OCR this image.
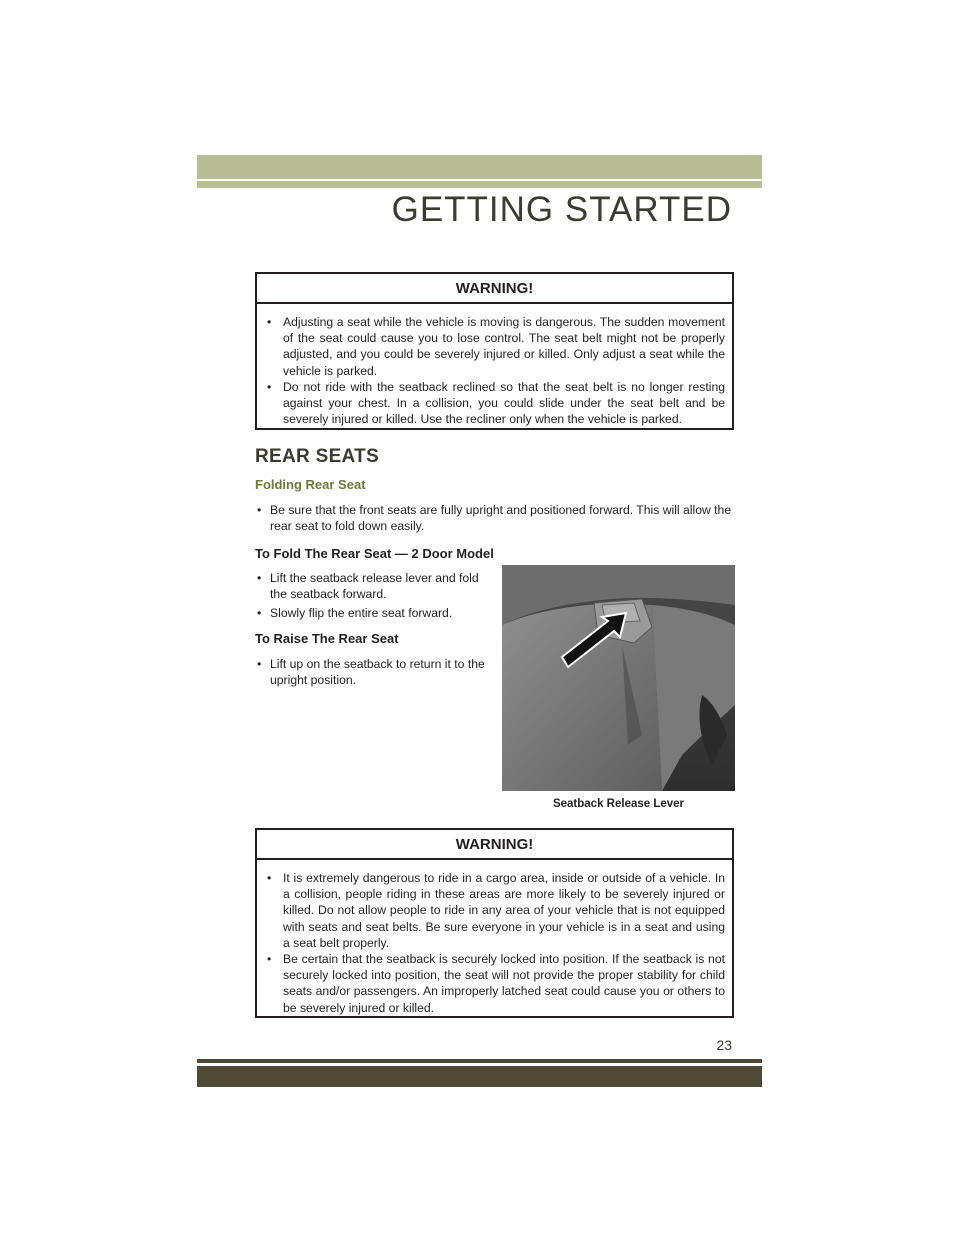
GETTING STARTED
WARNING!
• Adjusting a seat while the vehicle is moving is dangerous. The sudden movement of the seat could cause you to lose control. The seat belt might not be properly adjusted, and you could be severely injured or killed. Only adjust a seat while the vehicle is parked.
• Do not ride with the seatback reclined so that the seat belt is no longer resting against your chest. In a collision, you could slide under the seat belt and be severely injured or killed. Use the recliner only when the vehicle is parked.
REAR SEATS
Folding Rear Seat
• Be sure that the front seats are fully upright and positioned forward. This will allow the rear seat to fold down easily.
To Fold The Rear Seat — 2 Door Model
• Lift the seatback release lever and fold the seatback forward.
• Slowly flip the entire seat forward.
To Raise The Rear Seat
• Lift up on the seatback to return it to the upright position.
Seatback Release Lever
WARNING!
• It is extremely dangerous to ride in a cargo area, inside or outside of a vehicle. In a collision, people riding in these areas are more likely to be severely injured or killed. Do not allow people to ride in any area of your vehicle that is not equipped with seats and seat belts. Be sure everyone in your vehicle is in a seat and using a seat belt properly.
• Be certain that the seatback is securely locked into position. If the seatback is not securely locked into position, the seat will not provide the proper stability for child seats and/or passengers. An improperly latched seat could cause you or others to be severely injured or killed.
23
